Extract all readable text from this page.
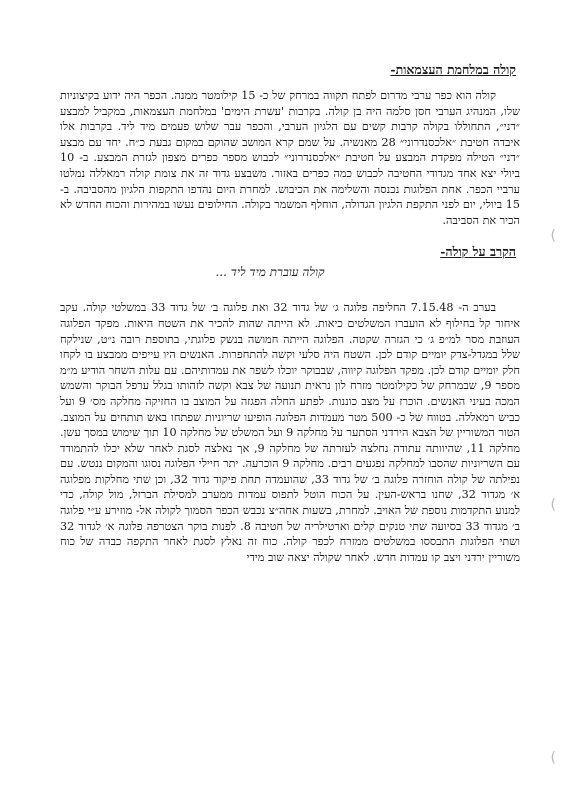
(
(
(
קולה במלחמת העצמאות-

קולה הוא כפר ערבי מדרום לפתח תקווה במרחק של כ- 15 קילומטר ממנה. הכפר היה ידוע בקיצוניות שלו, המנהיג הערבי חסן סלמה היה בן קולה. בקרבות 'עשרת הימים' במלחמת העצמאות, במקביל למבצע ״דני״, התחוללו בקולה קרבות קשים עם הלגיון הערבי, והכפר עבר שלוש פעמים מיד ליד. בקרבות אלו איבדה חטיבת ״אלכסנדרוני״ 28 מאנשיה. על שמם קרא המושב שהוקם במקום גבעת כ״ח. יחד עם מבצע ״דני״ הטילה מפקדת המבצע על חטיבת ״אלכסנדרוני״ לכבוש מספר כפרים מצפון לגזרת המבצע. ב- 10 ביולי יצא אחד מגדודי החטיבה לכבוש כמה כפרים באזור. משבצע גדוד זה את צומת קולה רמאללה נמלטו ערביי הכפר. אחת הפלוגות נכנסה והשלימה את הכיבוש. למחרת היום נהדפו התקפות הלגיון מהסביבה. ב- 15 ביולי, יום לפני התקפת הלגיון הגדולה, הוחלף המשמר בקולה. החילופים נעשו במהירות והכוח החדש לא הכיר את הסביבה.

הקרב על קולה-
קולה עוברת מיד ליד ...

בערב ה- 7.15.48 החליפה פלוגה ג׳ של גדוד 32 ואת פלוגה ב׳ של גדוד 33 במשלטי קולה. עקב איחור קל בחילוף לא הועברו המשלטים כיאות. לא הייתה שהות להכיר את השטח היאות. מפקד הפלוגה העוזבת מסר למ״פ ג׳ כי הגזרה שקטה. הפלוגה הייתה חמושה בנשק פלוגתי, בתוספת רובה נ״ט, שנילקח שלל במגדל-צדק יומיים קודם לכן. השטח היה סלעי וקשה להתחפרות. האנשים היו עייפים ממבצע בו לקחו חלק יומיים קודם לכן. מפקד הפלוגה קיווה, שבבוקר יוכלו לשפר את עמדותיהם. עם עלות השחר הודיע מ״מ מספר 9, שבמרחק של כקילומטר מזרח לון נראית תנועה של צבא וקשה לזהותו בגלל ערפל הבוקר והשמש המכה בעיני האנשים. הוכרז על מצב כוננות. לפתע החלה הפגזה על המוצב בו החזיקה מחלקה מס׳ 9 ועל כביש רמאללה. בטווח של כ- 500 מטר מעמדות הפלוגה הופיעו שריוניות שפתחו באש תותחים על המוצב. הטור המשוריין של הצבא הירדני הסתער על מחלקה 9 ועל המשלט של מחלקה 10 תוך שימוש במסך עשן. מחלקה 11, שהיוותה עתודה נחלצה לעזרתה של מחלקה 9, אך נאלצה לסגת לאחר שלא יכלו להתמודד עם השריוניות שהסבו למחלקה נפגעים רבים. מחלקה 9 הוכרעה. יתר חיילי הפלוגה נסוגו והמקום ננטש. עם נפילתה של קולה הוחזרה פלוגה ב׳ של גדוד 33, שהועמדה תחת פיקוד גדוד 32, וכן שתי מחלקות מפלוגה א׳ מגדוד 32, שחנו בראש-העין. על הכוח הוטל לתפוס עמדות ממערב למסילת הברזל, מול קולה, כדי למנוע התקדמות נוספת של האויב. למחרת, בשעות אחה״צ נכבש הכפר הסמוך לקולה אל- מוזירע ע״י פלוגה ב׳ מגדוד 33 בסיועה שתי טנקים קלים וארטילריה של חטיבה 8. לפנות בוקר הצטרפה פלוגה א׳ לגדוד 32 ושתי הפלוגות התבססו במשלטים ממזרח לכפר קולה. כוח זה נאלץ לסגת לאחר התקפה כבדה של כוח משוריין ירדני ויצב קו עמדות חדש. לאחר שקולה יצאה שוב מידי
